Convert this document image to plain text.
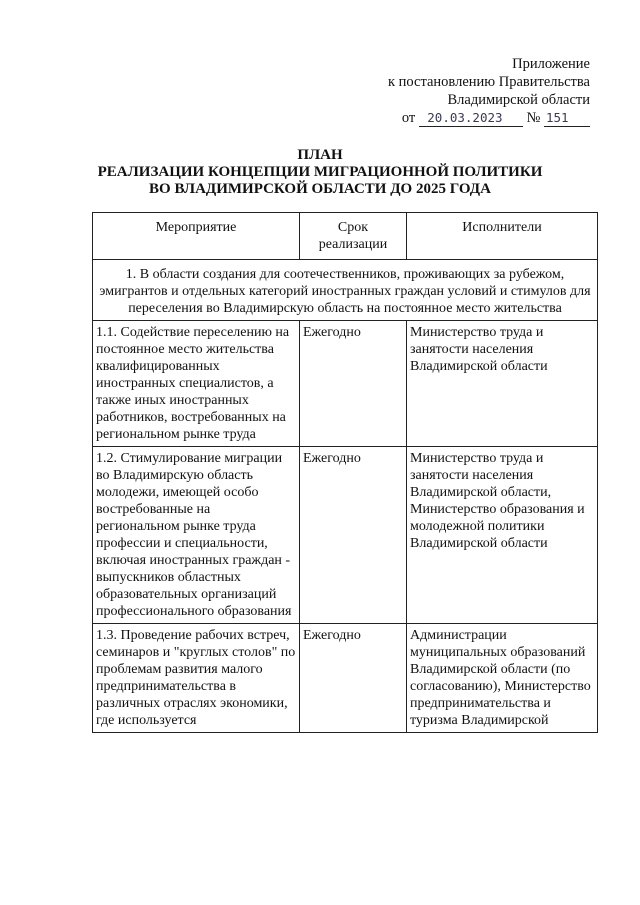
Приложение
к постановлению Правительства
Владимирской области
от 20.03.2023 № 151
ПЛАН
РЕАЛИЗАЦИИ КОНЦЕПЦИИ МИГРАЦИОННОЙ ПОЛИТИКИ
ВО ВЛАДИМИРСКОЙ ОБЛАСТИ ДО 2025 ГОДА
Мероприятие	Срок реализации	Исполнители
1. В области создания для соотечественников, проживающих за рубежом, эмигрантов и отдельных категорий иностранных граждан условий и стимулов для переселения во Владимирскую область на постоянное место жительства		
1.1. Содействие переселению на постоянное место жительства квалифицированных иностранных специалистов, а также иных иностранных работников, востребованных на региональном рынке труда	Ежегодно	Министерство труда и занятости населения Владимирской области
1.2. Стимулирование миграции во Владимирскую область молодежи, имеющей особо востребованные на региональном рынке труда профессии и специальности, включая иностранных граждан - выпускников областных образовательных организаций профессионального образования	Ежегодно	Министерство труда и занятости населения Владимирской области, Министерство образования и молодежной политики Владимирской области
1.3. Проведение рабочих встреч, семинаров и "круглых столов" по проблемам развития малого предпринимательства в различных отраслях экономики, где используется	Ежегодно	Администрации муниципальных образований Владимирской области (по согласованию), Министерство предпринимательства и туризма Владимирской
